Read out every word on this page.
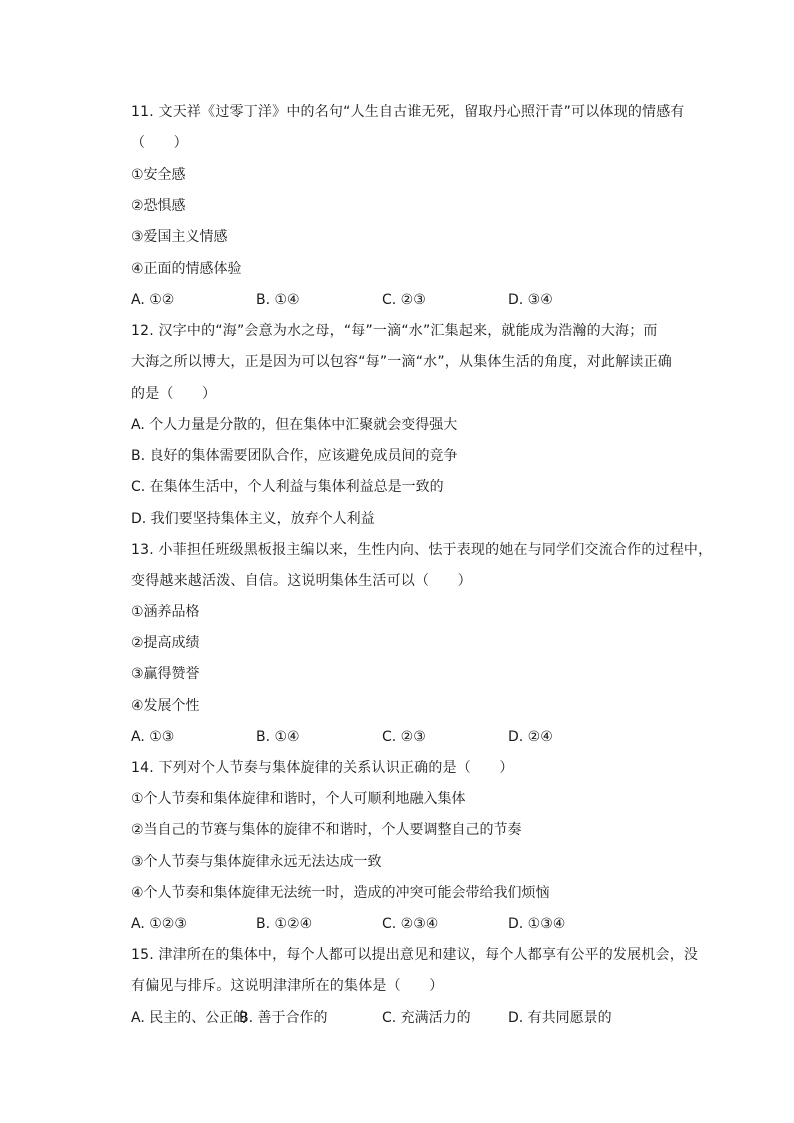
11. 文天祥《过零丁洋》中的名句“人生自古谁无死，留取丹心照汗青”可以体现的情感有
（　　）
①安全感
②恐惧感
③爱国主义情感
④正面的情感体验
A. ①②	B. ①④	C. ②③	D. ③④
12. 汉字中的“海”会意为水之母，“每”一滴“水”汇集起来，就能成为浩瀚的大海；而
大海之所以博大，正是因为可以包容“每”一滴“水”，从集体生活的角度，对此解读正确
的是（　　）
A. 个人力量是分散的，但在集体中汇聚就会变得强大
B. 良好的集体需要团队合作，应该避免成员间的竞争
C. 在集体生活中，个人利益与集体利益总是一致的
D. 我们要坚持集体主义，放弃个人利益
13. 小菲担任班级黑板报主编以来，生性内向、怯于表现的她在与同学们交流合作的过程中，
变得越来越活泼、自信。这说明集体生活可以（　　）
①涵养品格
②提高成绩
③赢得赞誉
④发展个性
A. ①③	B. ①④	C. ②③	D. ②④
14. 下列对个人节奏与集体旋律的关系认识正确的是（　　）
①个人节奏和集体旋律和谐时，个人可顺利地融入集体
②当自己的节赛与集体的旋律不和谐时，个人要调整自己的节奏
③个人节奏与集体旋律永远无法达成一致
④个人节奏和集体旋律无法统一时，造成的冲突可能会带给我们烦恼
A. ①②③	B. ①②④	C. ②③④	D. ①③④
15. 津津所在的集体中，每个人都可以提出意见和建议，每个人都享有公平的发展机会，没
有偏见与排斥。这说明津津所在的集体是（　　）
A. 民主的、公正的
B. 善于合作的	C. 充满活力的	D. 有共同愿景的
